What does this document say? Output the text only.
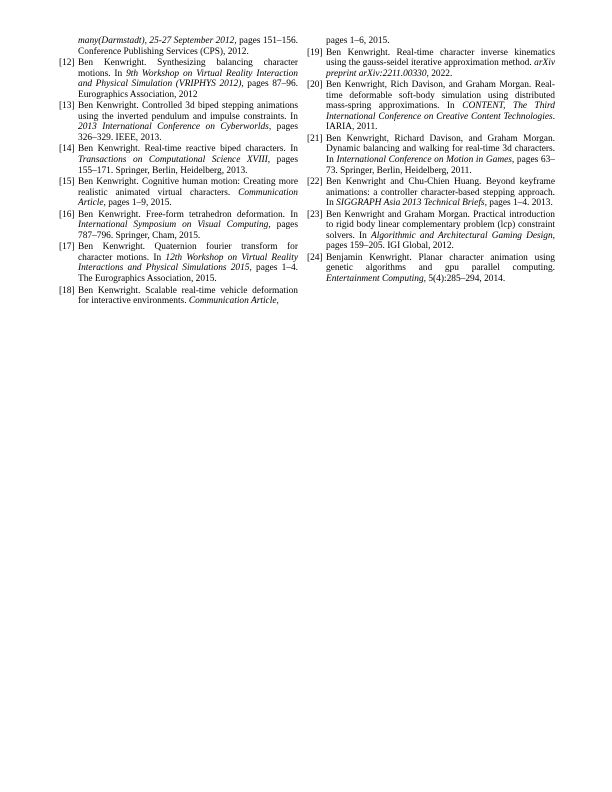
many(Darmstadt), 25-27 September 2012, pages 151–156. Conference Publishing Services (CPS), 2012.
[12] Ben Kenwright. Synthesizing balancing character motions. In 9th Workshop on Virtual Reality Interaction and Physical Simulation (VRIPHYS 2012), pages 87–96. Eurographics Association, 2012
[13] Ben Kenwright. Controlled 3d biped stepping animations using the inverted pendulum and impulse constraints. In 2013 International Conference on Cyberworlds, pages 326–329. IEEE, 2013.
[14] Ben Kenwright. Real-time reactive biped characters. In Transactions on Computational Science XVIII, pages 155–171. Springer, Berlin, Heidelberg, 2013.
[15] Ben Kenwright. Cognitive human motion: Creating more realistic animated virtual characters. Communication Article, pages 1–9, 2015.
[16] Ben Kenwright. Free-form tetrahedron deformation. In International Symposium on Visual Computing, pages 787–796. Springer, Cham, 2015.
[17] Ben Kenwright. Quaternion fourier transform for character motions. In 12th Workshop on Virtual Reality Interactions and Physical Simulations 2015, pages 1–4. The Eurographics Association, 2015.
[18] Ben Kenwright. Scalable real-time vehicle deformation for interactive environments. Communication Article,
pages 1–6, 2015.
[19] Ben Kenwright. Real-time character inverse kinematics using the gauss-seidel iterative approximation method. arXiv preprint arXiv:2211.00330, 2022.
[20] Ben Kenwright, Rich Davison, and Graham Morgan. Real-time deformable soft-body simulation using distributed mass-spring approximations. In CONTENT, The Third International Conference on Creative Content Technologies. IARIA, 2011.
[21] Ben Kenwright, Richard Davison, and Graham Morgan. Dynamic balancing and walking for real-time 3d characters. In International Conference on Motion in Games, pages 63–73. Springer, Berlin, Heidelberg, 2011.
[22] Ben Kenwright and Chu-Chien Huang. Beyond keyframe animations: a controller character-based stepping approach. In SIGGRAPH Asia 2013 Technical Briefs, pages 1–4. 2013.
[23] Ben Kenwright and Graham Morgan. Practical introduction to rigid body linear complementary problem (lcp) constraint solvers. In Algorithmic and Architectural Gaming Design, pages 159–205. IGI Global, 2012.
[24] Benjamin Kenwright. Planar character animation using genetic algorithms and gpu parallel computing. Entertainment Computing, 5(4):285–294, 2014.
